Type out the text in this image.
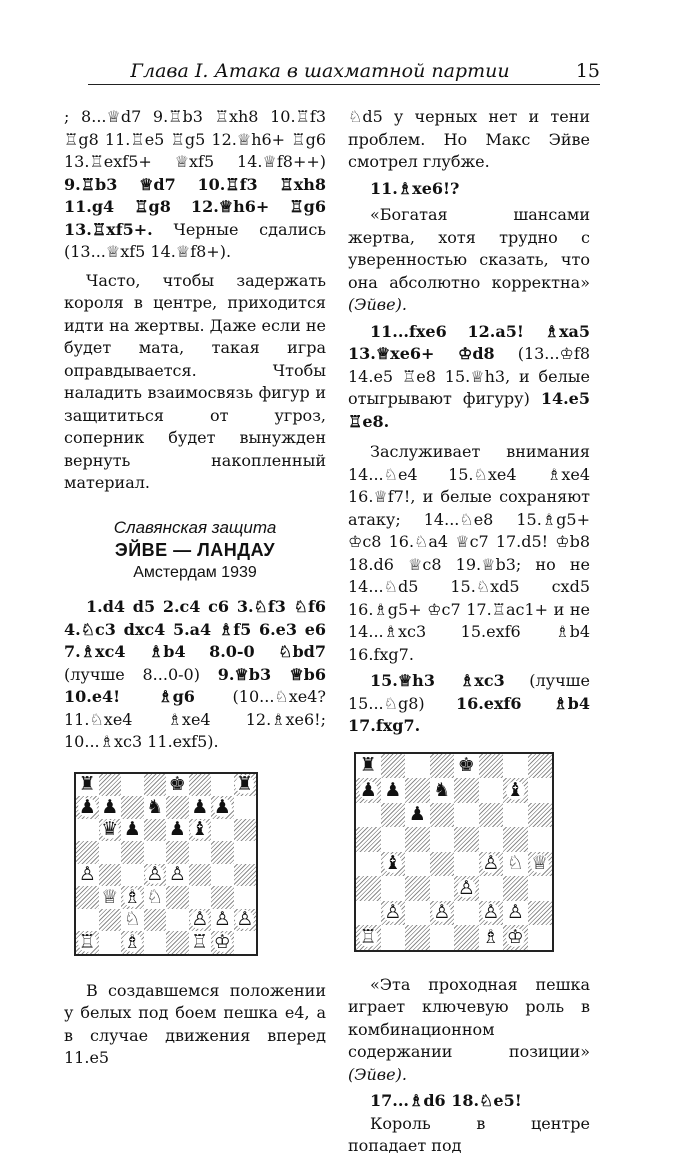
Глава I. Атака в шахматной партии	15

; 8...♕d7 9.♖b3 ♖xh8 10.♖f3 ♖g8 11.♖e5 ♖g5 12.♕h6+ ♖g6 13.♖exf5+ ♕xf5 14.♕f8++) 9.♖b3 ♕d7 10.♖f3 ♖xh8 11.g4 ♖g8 12.♕h6+ ♖g6 13.♖xf5+. Черные сдались (13...♕xf5 14.♕f8+).

Часто, чтобы задержать короля в центре, приходится идти на жертвы. Даже если не будет мата, такая игра оправдывается. Чтобы наладить взаимосвязь фигур и защититься от угроз, соперник будет вынужден вернуть накопленный материал.

Славянская защита
ЭЙВЕ — ЛАНДАУ
Амстердам 1939

1.d4 d5 2.c4 c6 3.♘f3 ♘f6 4.♘c3 dxc4 5.a4 ♗f5 6.e3 e6 7.♗xc4 ♗b4 8.0-0 ♘bd7 (лучше 8...0-0) 9.♕b3 ♕b6 10.e4! ♗g6 (10...♘xe4? 11.♘xe4 ♗xe4 12.♗xe6!; 10...♗xc3 11.exf5).

♜	♚	♜
♟ ♟ ♞ ♟ ♟
♛ ♟ ♟ ♝
♙	♙ ♙
♕ ♗ ♘
♘	♙ ♙ ♙
♖ ♗	♖ ♔

В создавшемся положении у белых под боем пешка e4, а в случае движения вперед 11.e5

♘d5 у черных нет и тени проблем. Но Макс Эйве смотрел глубже.

11.♗xe6!?

«Богатая шансами жертва, хотя трудно с уверенностью сказать, что она абсолютно корректна» (Эйве).

11...fxe6 12.a5! ♗xa5 13.♕xe6+ ♔d8 (13...♔f8 14.e5 ♖e8 15.♕h3, и белые отыгрывают фигуру) 14.e5 ♖e8.

Заслуживает внимания 14...♘e4 15.♘xe4 ♗xe4 16.♕f7!, и белые сохраняют атаку; 14...♘e8 15.♗g5+ ♔c8 16.♘a4 ♕c7 17.d5! ♔b8 18.d6 ♕c8 19.♕b3; но не 14...♘d5 15.♘xd5 cxd5 16.♗g5+ ♔c7 17.♖ac1+ и не 14...♗xc3 15.exf6 ♗b4 16.fxg7.

15.♕h3 ♗xc3 (лучше 15...♘g8) 16.exf6 ♗b4 17.fxg7.

♜	♚
♟ ♟ ♞	♝
♟
♝	♙ ♘ ♕
♙
♙ ♙ ♙ ♙
♖	♗ ♔

«Эта проходная пешка играет ключевую роль в комбинационном содержании позиции» (Эйве).

17...♗d6 18.♘e5!

Король в центре попадает под
